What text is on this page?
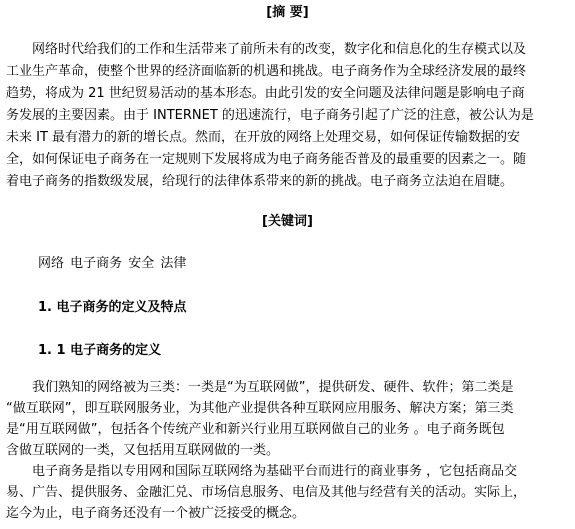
[摘 要]
网络时代给我们的工作和生活带来了前所未有的改变，数字化和信息化的生存模式以及
工业生产革命，使整个世界的经济面临新的机遇和挑战。电子商务作为全球经济发展的最终
趋势，将成为 21 世纪贸易活动的基本形态。由此引发的安全问题及法律问题是影响电子商
务发展的主要因素。由于 INTERNET 的迅速流行，电子商务引起了广泛的注意，被公认为是
未来 IT 最有潜力的新的增长点。然而，在开放的网络上处理交易，如何保证传输数据的安
全，如何保证电子商务在一定规则下发展将成为电子商务能否普及的最重要的因素之一。随
着电子商务的指数级发展，给现行的法律体系带来的新的挑战。电子商务立法迫在眉睫。
[关键词]
网络 电子商务 安全 法律
1. 电子商务的定义及特点
1. 1 电子商务的定义
我们熟知的网络被为三类：一类是“为互联网做”，提供研发、硬件、软件；第二类是
“做互联网”，即互联网服务业，为其他产业提供各种互联网应用服务、解决方案；第三类
是“用互联网做”，包括各个传统产业和新兴行业用互联网做自己的业务 。电子商务既包
含做互联网的一类，又包括用互联网做的一类。
电子商务是指以专用网和国际互联网络为基础平台而进行的商业事务 ，它包括商品交
易、广告、提供服务、金融汇兑、市场信息服务、电信及其他与经营有关的活动。实际上，
迄今为止，电子商务还没有一个被广泛接受的概念。
